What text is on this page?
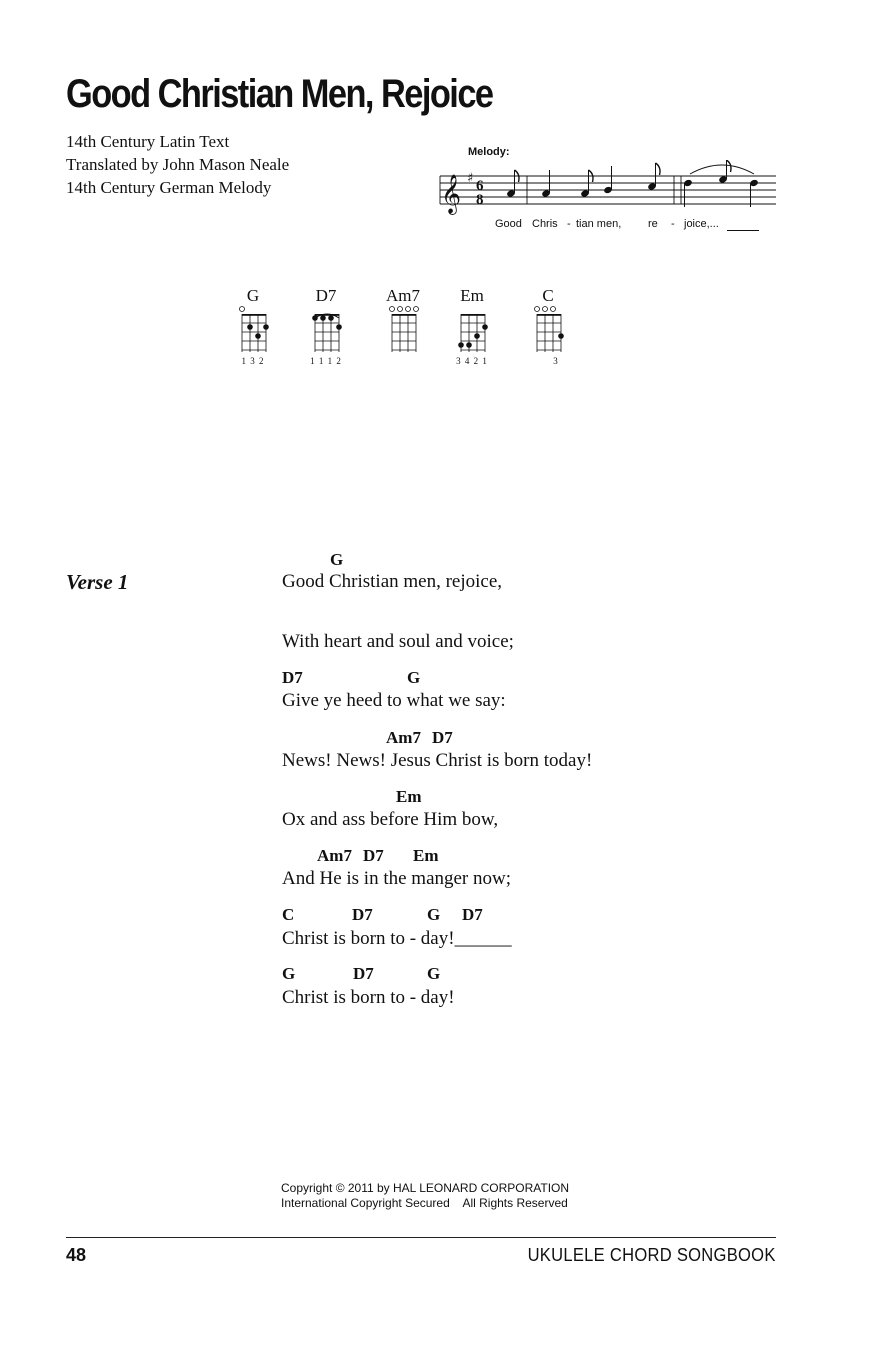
Good Christian Men, Rejoice
14th Century Latin Text
Translated by John Mason Neale
14th Century German Melody
Melody:
𝄞 ♯ 6
8
Good Chris - tian men, re - joice,...
G
1 3 2
D7
1 1 1 2
Am7	Em
3 4 2 1
C
3
Verse 1
G
Good Christian men, rejoice,
With heart and soul and voice;
D7	G
Give ye heed to what we say:
Am7 D7
News! News! Jesus Christ is born today!
Em
Ox and ass before Him bow,
Am7 D7 Em
And He is in the manger now;
C	D7	G D7
Christ is born to - day!______
G	D7	G
Christ is born to - day!
Copyright © 2011 by HAL LEONARD CORPORATION
International Copyright Secured    All Rights Reserved
48	UKULELE CHORD SONGBOOK
